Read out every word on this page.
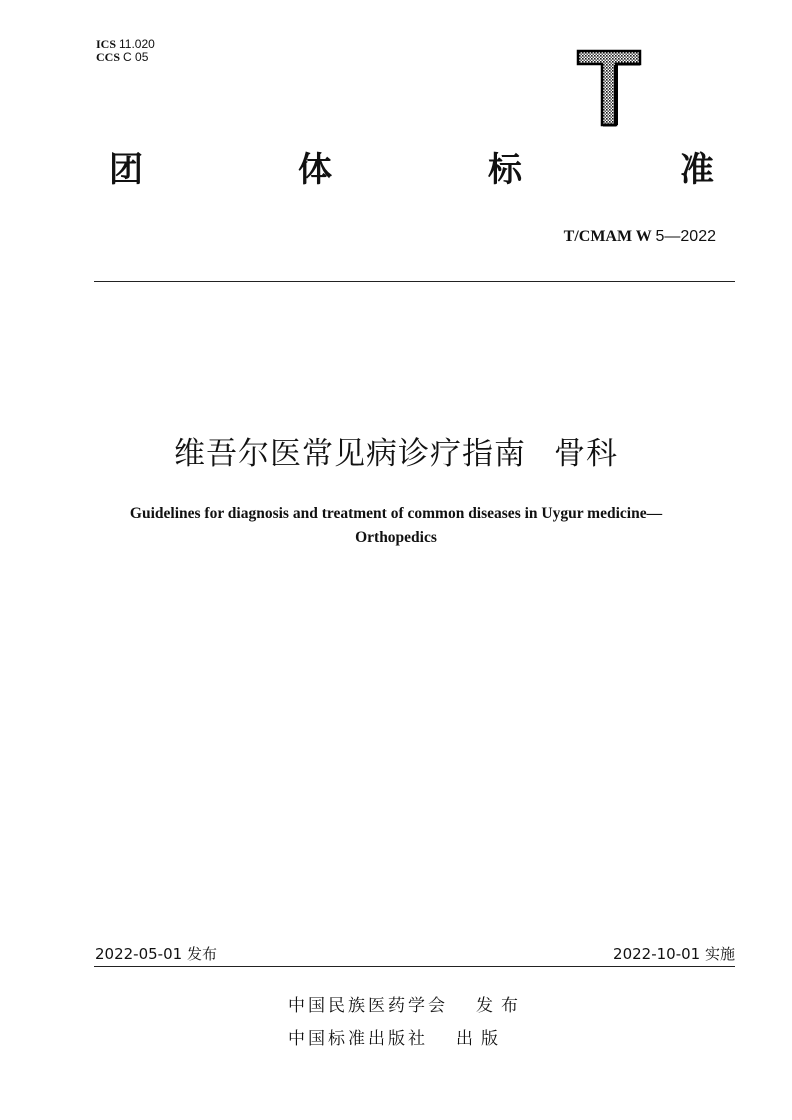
ICS 11.020
CCS C 05
团	体	标	准
T/CMAM W 5—2022
维吾尔医常见病诊疗指南 骨科
Guidelines for diagnosis and treatment of common diseases in Uygur medicine—
Orthopedics
2022-05-01 发布	2022-10-01 实施
中国民族医药学会 发布
中国标准出版社 出版
